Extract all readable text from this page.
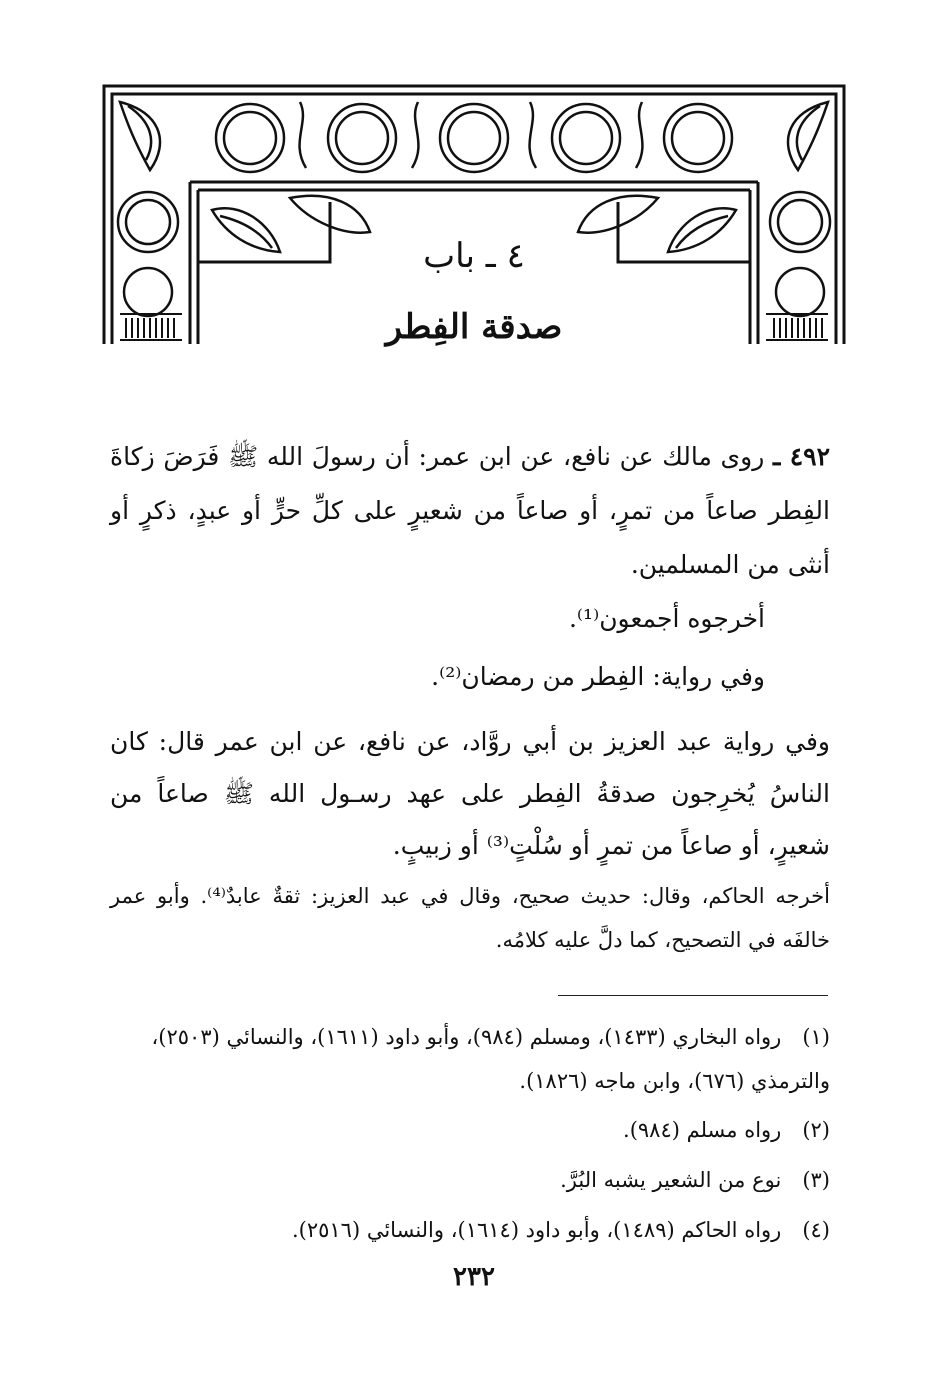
٤ ـ باب
صدقة الفِطر
٤٩٢ ـ روى مالك عن نافع، عن ابن عمر: أن رسولَ الله ﷺ فَرَضَ زكاةَ الفِطر صاعاً من تمرٍ، أو صاعاً من شعيرٍ على كلِّ حرٍّ أو عبدٍ، ذكرٍ أو أنثى من المسلمين.
أخرجوه أجمعون⁽¹⁾.
وفي رواية: الفِطر من رمضان⁽²⁾.
وفي رواية عبد العزيز بن أبي روَّاد، عن نافع، عن ابن عمر قال: كان الناسُ يُخرِجون صدقةُ الفِطر على عهد رسـول الله ﷺ صاعاً من شعيرٍ، أو صاعاً من تمرٍ أو سُلْتٍ⁽³⁾ أو زبيبٍ.
أخرجه الحاكم، وقال: حديث صحيح، وقال في عبد العزيز: ثقةٌ عابدٌ⁽⁴⁾. وأبو عمر خالفَه في التصحيح، كما دلَّ عليه كلامُه.
(١) رواه البخاري (١٤٣٣)، ومسلم (٩٨٤)، وأبو داود (١٦١١)، والنسائي (٢٥٠٣)، والترمذي (٦٧٦)، وابن ماجه (١٨٢٦).
(٢) رواه مسلم (٩٨٤).
(٣) نوع من الشعير يشبه البُرَّ.
(٤) رواه الحاكم (١٤٨٩)، وأبو داود (١٦١٤)، والنسائي (٢٥١٦).
٢٣٢
